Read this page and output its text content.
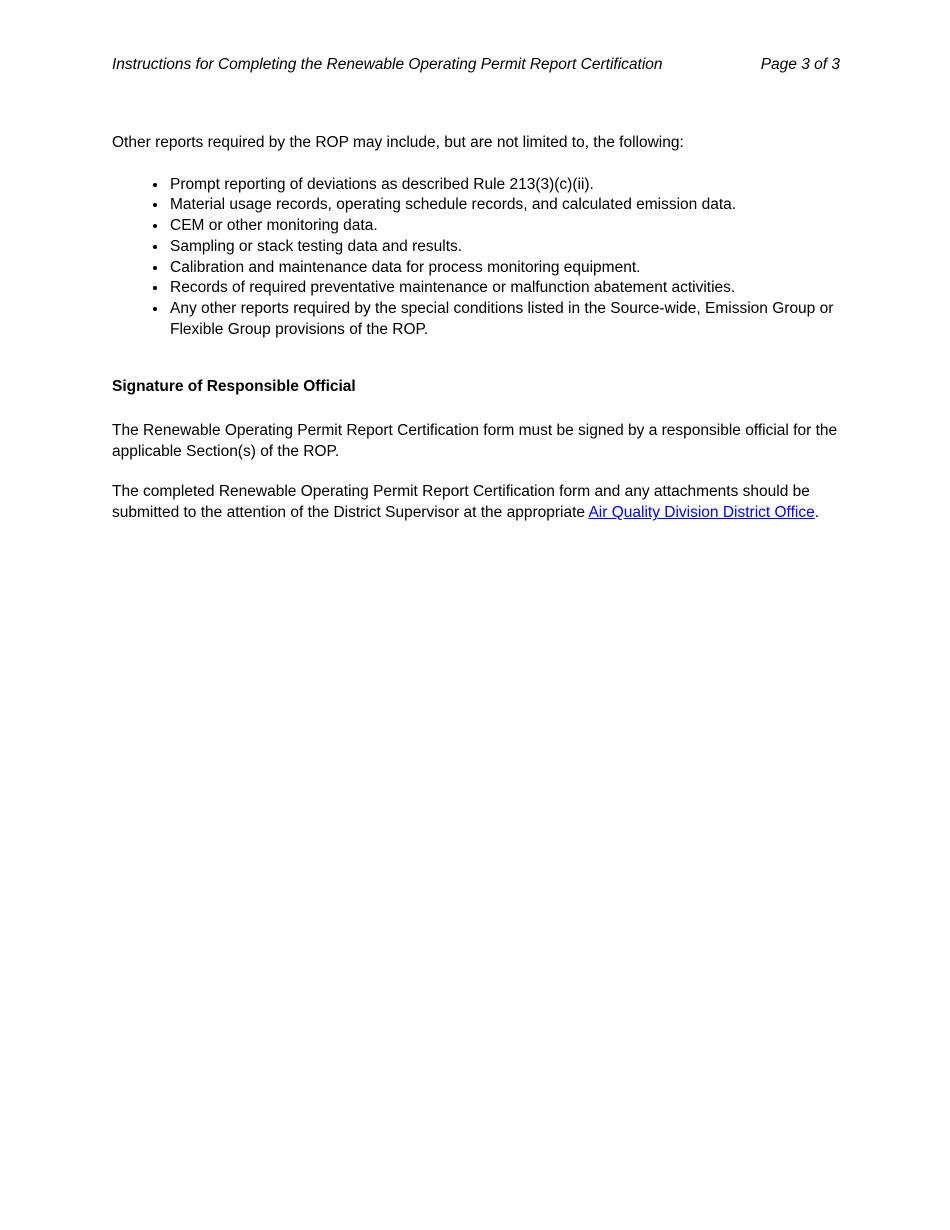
Instructions for Completing the Renewable Operating Permit Report Certification	Page 3 of 3

Other reports required by the ROP may include, but are not limited to, the following:

• Prompt reporting of deviations as described Rule 213(3)(c)(ii).
• Material usage records, operating schedule records, and calculated emission data.
• CEM or other monitoring data.
• Sampling or stack testing data and results.
• Calibration and maintenance data for process monitoring equipment.
• Records of required preventative maintenance or malfunction abatement activities.
• Any other reports required by the special conditions listed in the Source-wide, Emission Group or Flexible Group provisions of the ROP.

Signature of Responsible Official

The Renewable Operating Permit Report Certification form must be signed by a responsible official for the applicable Section(s) of the ROP.

The completed Renewable Operating Permit Report Certification form and any attachments should be submitted to the attention of the District Supervisor at the appropriate Air Quality Division District Office.
